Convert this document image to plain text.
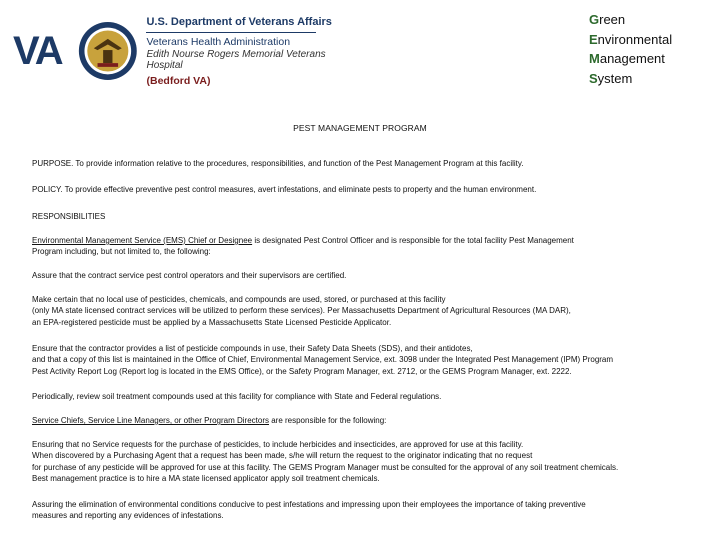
VA
U.S. Department of Veterans Affairs
Veterans Health Administration
Edith Nourse Rogers Memorial Veterans Hospital
(Bedford VA)
Green
Environmental
Management
System
PEST MANAGEMENT PROGRAM
PURPOSE. To provide information relative to the procedures, responsibilities, and function of the Pest Management Program at this facility.
POLICY. To provide effective preventive pest control measures, avert infestations, and eliminate pests to property and the human environment.
RESPONSIBILITIES
Environmental Management Service (EMS) Chief or Designee is designated Pest Control Officer and is responsible for the total facility Pest Management
Program including, but not limited to, the following:
Assure that the contract service pest control operators and their supervisors are certified.
Make certain that no local use of pesticides, chemicals, and compounds are used, stored, or purchased at this facility
(only MA state licensed contract services will be utilized to perform these services). Per Massachusetts Department of Agricultural Resources (MA DAR),
an EPA-registered pesticide must be applied by a Massachusetts State Licensed Pesticide Applicator.
Ensure that the contractor provides a list of pesticide compounds in use, their Safety Data Sheets (SDS), and their antidotes,
and that a copy of this list is maintained in the Office of Chief, Environmental Management Service, ext. 3098 under the Integrated Pest Management (IPM) Program
Pest Activity Report Log (Report log is located in the EMS Office), or the Safety Program Manager, ext. 2712, or the GEMS Program Manager, ext. 2222.
Periodically, review soil treatment compounds used at this facility for compliance with State and Federal regulations.
Service Chiefs, Service Line Managers, or other Program Directors are responsible for the following:
Ensuring that no Service requests for the purchase of pesticides, to include herbicides and insecticides, are approved for use at this facility.
When discovered by a Purchasing Agent that a request has been made, s/he will return the request to the originator indicating that no request
for purchase of any pesticide will be approved for use at this facility. The GEMS Program Manager must be consulted for the approval of any soil treatment chemicals.
Best management practice is to hire a MA state licensed applicator apply soil treatment chemicals.
Assuring the elimination of environmental conditions conducive to pest infestations and impressing upon their employees the importance of taking preventive
measures and reporting any evidences of infestations.
